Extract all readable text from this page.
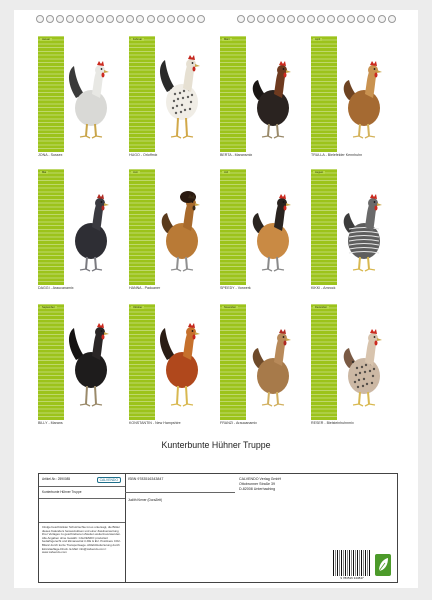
Januar
JONA - Sussex
Februar
HUGO - Orloffmix
März
BERTA - Maransmix
April
TRULLA - Bielefelder Kennhuhn
Mai
DAGGI - Araucanamix
Juni
HANNA - Paduaner
Juli
SPEEDY - Vorwerk
August
KIKKI - Amrock
September
BILLY - Marans
Oktober
KONSTANTIN - New Hampshire
November
FRANZI - Araucanamix
Dezember
RESER - Bielsteinhuhnmix
Kunterbunte Hühner Truppe
Artikel-Nr.: 2590085	CALVENDO
Kunterbunte Hühner Truppe
Infolge beschränkter Schutzrechte ist es untersagt, die Bilder dieses Kalenders herauszulösen und einer Zweitverwertung ihrer Verlages zu geschriebenen Zweiten weiterzuverwenden. Alle Angaben ohne Gewähr. CALVENDO produziert bedarfsgerecht und klimaneutral in DE & EU. Positivere CO2-Bilanz durch kurze Transportwege. Abfall-Reduzierung durch Einzelauflage-Druck. E-Mail: info@calvendo.com I www.calvendo.com
ISBN 9783516343847	CALVENDO Verlag GmbH
Ottobrunner Straße 39
D-82008 Unterhaching
Judith Kiener (DoraZett)
9 783516 343847
